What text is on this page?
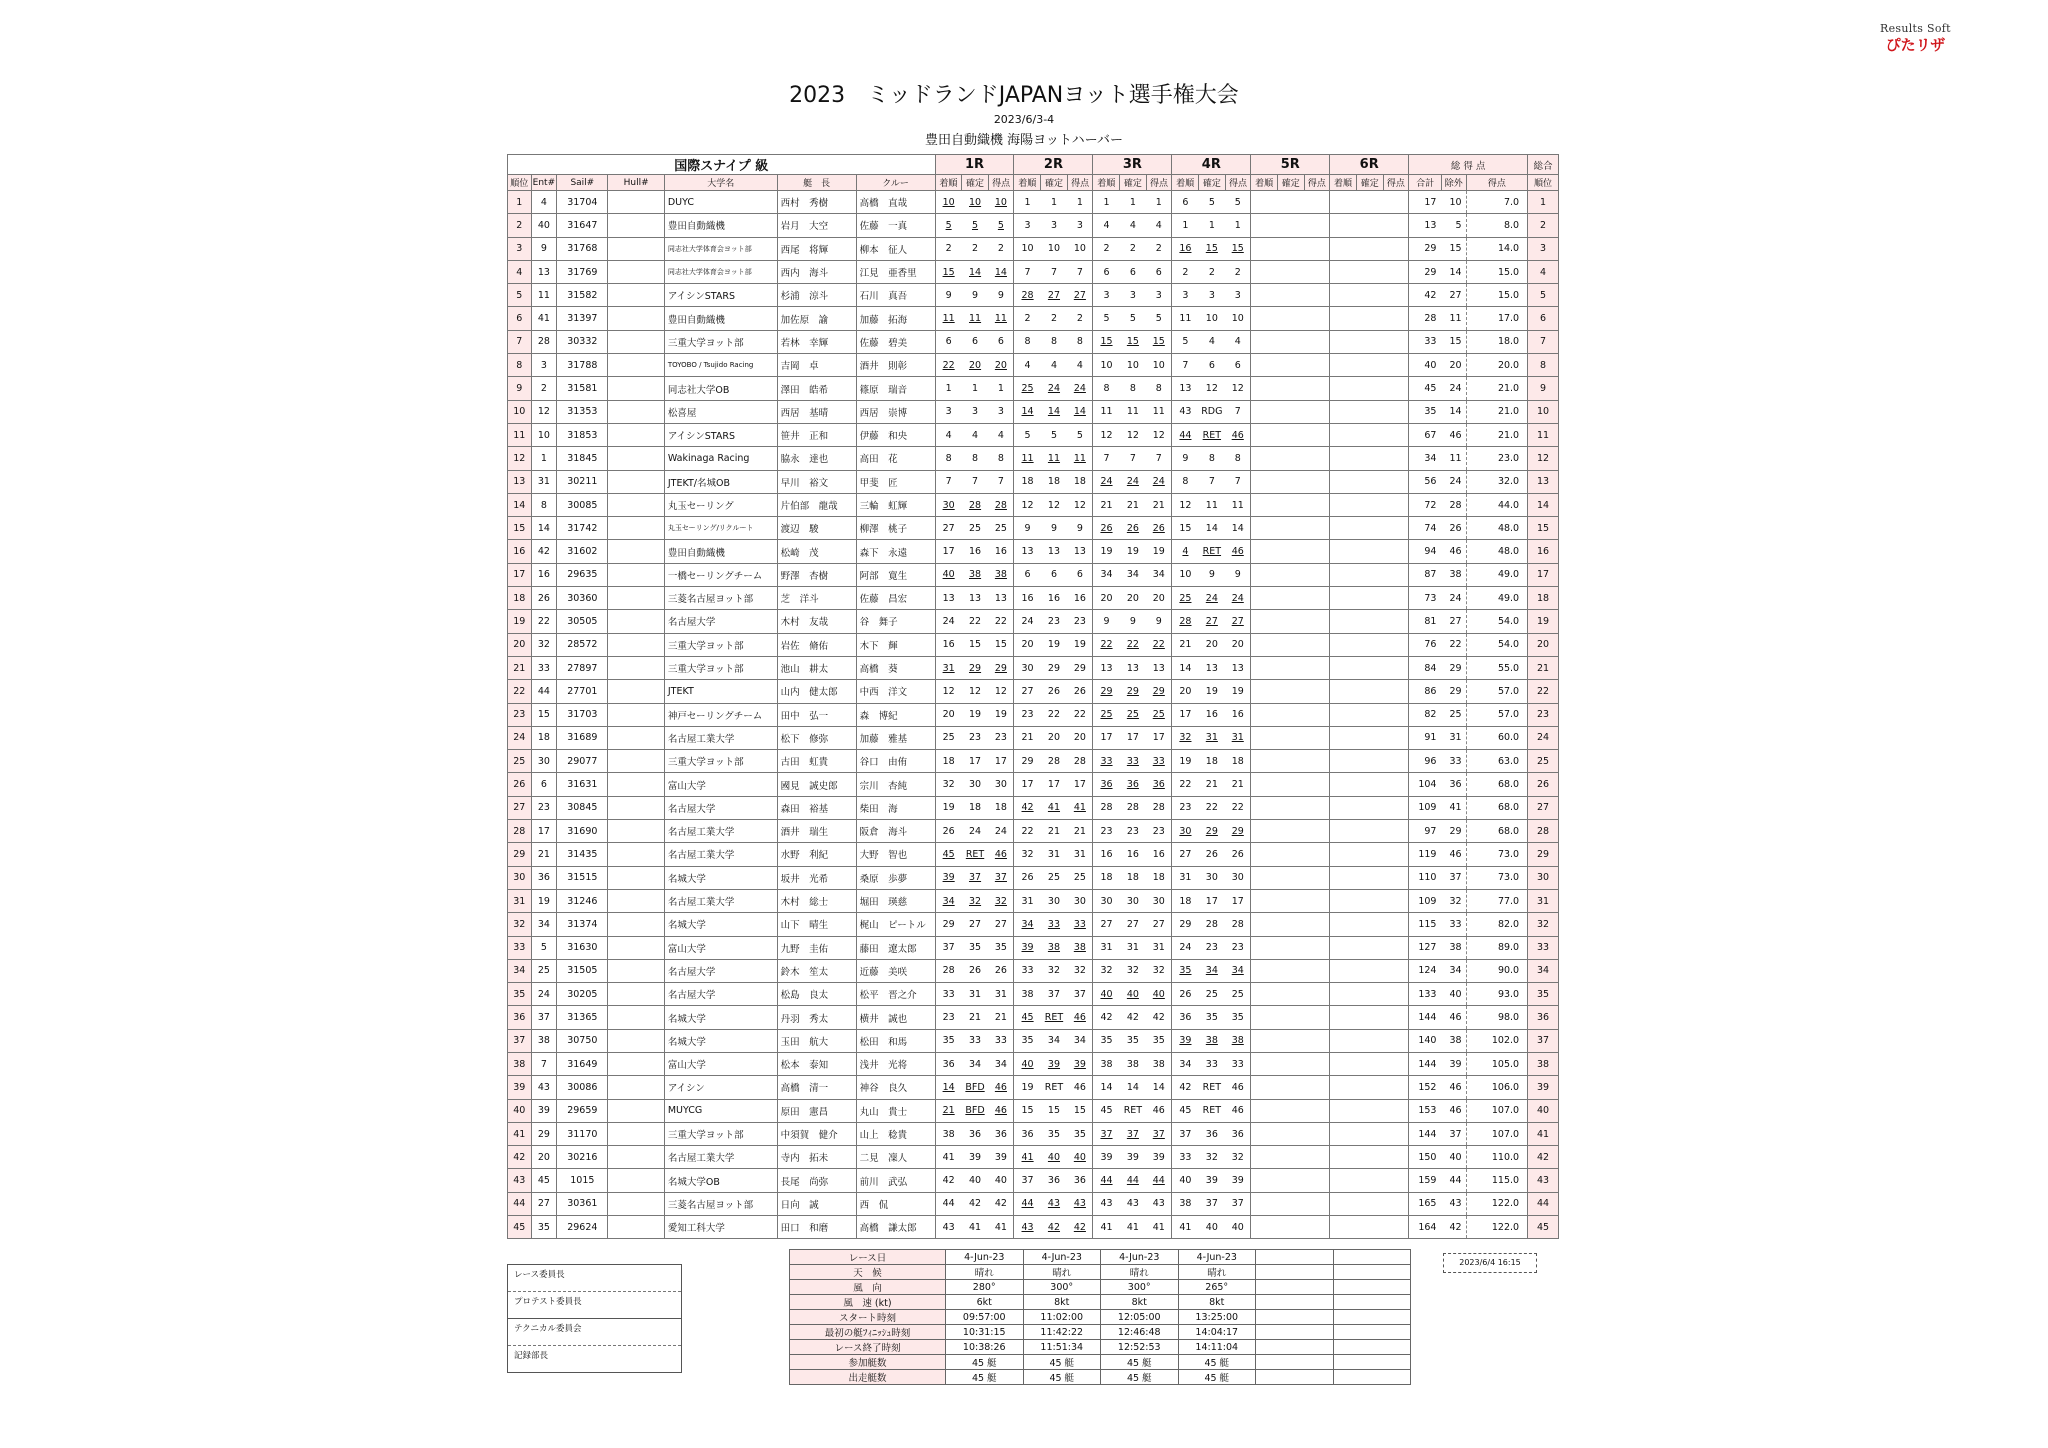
Results Soft
ぴたリザ
2023　ミッドランドJAPANヨット選手権大会
2023/6/3-4
豊田自動織機 海陽ヨットハーバー
国際スナイプ 級							1R			2R			3R			4R			5R			6R			総 得 点			総合
順位	Ent#	Sail#	Hull#	大学名	艇　長	クルー	着順	確定	得点	着順	確定	得点	着順	確定	得点	着順	確定	得点	着順	確定	得点	着順	確定	得点	合計	除外	得点	順位
1	4	31704		DUYC	西村　秀樹	高橋　直哉	10	10	10	1	1	1	1	1	1	6	5	5							17	10	7.0	1
2	40	31647		豊田自動織機	岩月　大空	佐藤　一真	5	5	5	3	3	3	4	4	4	1	1	1							13	5	8.0	2
3	9	31768		同志社大学体育会ヨット部	西尾　将輝	柳本　征人	2	2	2	10	10	10	2	2	2	16	15	15							29	15	14.0	3
4	13	31769		同志社大学体育会ヨット部	西内　海斗	江見　亜香里	15	14	14	7	7	7	6	6	6	2	2	2							29	14	15.0	4
5	11	31582		アイシンSTARS	杉浦　涼斗	石川　真吾	9	9	9	28	27	27	3	3	3	3	3	3							42	27	15.0	5
6	41	31397		豊田自動織機	加佐原　諭	加藤　拓海	11	11	11	2	2	2	5	5	5	11	10	10							28	11	17.0	6
7	28	30332		三重大学ヨット部	若林　幸輝	佐藤　碧美	6	6	6	8	8	8	15	15	15	5	4	4							33	15	18.0	7
8	3	31788		TOYOBO / Tsujido Racing	吉岡　卓	酒井　則彰	22	20	20	4	4	4	10	10	10	7	6	6							40	20	20.0	8
9	2	31581		同志社大学OB	澤田　皓希	篠原　瑞音	1	1	1	25	24	24	8	8	8	13	12	12							45	24	21.0	9
10	12	31353		松喜屋	西居　基晴	西居　崇博	3	3	3	14	14	14	11	11	11	43	RDG	7							35	14	21.0	10
11	10	31853		アイシンSTARS	笹井　正和	伊藤　和央	4	4	4	5	5	5	12	12	12	44	RET	46							67	46	21.0	11
12	1	31845		Wakinaga Racing	脇永　達也	高田　花	8	8	8	11	11	11	7	7	7	9	8	8							34	11	23.0	12
13	31	30211		JTEKT/名城OB	早川　裕文	甲斐　匠	7	7	7	18	18	18	24	24	24	8	7	7							56	24	32.0	13
14	8	30085		丸玉セーリング	片伯部　龍哉	三輪　虹輝	30	28	28	12	12	12	21	21	21	12	11	11							72	28	44.0	14
15	14	31742		丸玉セーリング/リクルート	渡辺　駿	柳澤　桃子	27	25	25	9	9	9	26	26	26	15	14	14							74	26	48.0	15
16	42	31602		豊田自動織機	松崎　茂	森下　永遠	17	16	16	13	13	13	19	19	19	4	RET	46							94	46	48.0	16
17	16	29635		一橋セーリングチーム	野澤　杏樹	阿部　寛生	40	38	38	6	6	6	34	34	34	10	9	9							87	38	49.0	17
18	26	30360		三菱名古屋ヨット部	芝　洋斗	佐藤　昌宏	13	13	13	16	16	16	20	20	20	25	24	24							73	24	49.0	18
19	22	30505		名古屋大学	木村　友哉	谷　舞子	24	22	22	24	23	23	9	9	9	28	27	27							81	27	54.0	19
20	32	28572		三重大学ヨット部	岩佐　脩佑	木下　輝	16	15	15	20	19	19	22	22	22	21	20	20							76	22	54.0	20
21	33	27897		三重大学ヨット部	池山　耕太	高橋　葵	31	29	29	30	29	29	13	13	13	14	13	13							84	29	55.0	21
22	44	27701		JTEKT	山内　健太郎	中西　洋文	12	12	12	27	26	26	29	29	29	20	19	19							86	29	57.0	22
23	15	31703		神戸セーリングチーム	田中　弘一	森　博紀	20	19	19	23	22	22	25	25	25	17	16	16							82	25	57.0	23
24	18	31689		名古屋工業大学	松下　修弥	加藤　雅基	25	23	23	21	20	20	17	17	17	32	31	31							91	31	60.0	24
25	30	29077		三重大学ヨット部	古田　虹貴	谷口　由侑	18	17	17	29	28	28	33	33	33	19	18	18							96	33	63.0	25
26	6	31631		富山大学	國見　誠史郎	宗川　杏純	32	30	30	17	17	17	36	36	36	22	21	21							104	36	68.0	26
27	23	30845		名古屋大学	森田　裕基	柴田　海	19	18	18	42	41	41	28	28	28	23	22	22							109	41	68.0	27
28	17	31690		名古屋工業大学	酒井　瑞生	阪倉　海斗	26	24	24	22	21	21	23	23	23	30	29	29							97	29	68.0	28
29	21	31435		名古屋工業大学	水野　利紀	大野　智也	45	RET	46	32	31	31	16	16	16	27	26	26							119	46	73.0	29
30	36	31515		名城大学	坂井　光希	桑原　歩夢	39	37	37	26	25	25	18	18	18	31	30	30							110	37	73.0	30
31	19	31246		名古屋工業大学	木村　総士	堀田　瑛慈	34	32	32	31	30	30	30	30	30	18	17	17							109	32	77.0	31
32	34	31374		名城大学	山下　晴生	梶山　ピートル	29	27	27	34	33	33	27	27	27	29	28	28							115	33	82.0	32
33	5	31630		富山大学	九野　圭佑	藤田　遼太郎	37	35	35	39	38	38	31	31	31	24	23	23							127	38	89.0	33
34	25	31505		名古屋大学	鈴木　笙太	近藤　美咲	28	26	26	33	32	32	32	32	32	35	34	34							124	34	90.0	34
35	24	30205		名古屋大学	松島　良太	松平　晋之介	33	31	31	38	37	37	40	40	40	26	25	25							133	40	93.0	35
36	37	31365		名城大学	丹羽　秀太	横井　誠也	23	21	21	45	RET	46	42	42	42	36	35	35							144	46	98.0	36
37	38	30750		名城大学	玉田　航大	松田　和馬	35	33	33	35	34	34	35	35	35	39	38	38							140	38	102.0	37
38	7	31649		富山大学	松本　泰知	浅井　光将	36	34	34	40	39	39	38	38	38	34	33	33							144	39	105.0	38
39	43	30086		アイシン	高橋　清一	神谷　良久	14	BFD	46	19	RET	46	14	14	14	42	RET	46							152	46	106.0	39
40	39	29659		MUYCG	原田　憲昌	丸山　貴士	21	BFD	46	15	15	15	45	RET	46	45	RET	46							153	46	107.0	40
41	29	31170		三重大学ヨット部	中須賀　健介	山上　稔貴	38	36	36	36	35	35	37	37	37	37	36	36							144	37	107.0	41
42	20	30216		名古屋工業大学	寺内　拓未	二見　凜人	41	39	39	41	40	40	39	39	39	33	32	32							150	40	110.0	42
43	45	1015		名城大学OB	長尾　尚弥	前川　武弘	42	40	40	37	36	36	44	44	44	40	39	39							159	44	115.0	43
44	27	30361		三菱名古屋ヨット部	日向　誠	西　侃	44	42	42	44	43	43	43	43	43	38	37	37							165	43	122.0	44
45	35	29624		愛知工科大学	田口　和磨	高橋　謙太郎	43	41	41	43	42	42	41	41	41	41	40	40							164	42	122.0	45
レース委員長
プロテスト委員長
テクニカル委員会
記録部長
レース日	4-Jun-23	4-Jun-23	4-Jun-23	4-Jun-23		
天　候	晴れ	晴れ	晴れ	晴れ		
風　向	280°	300°	300°	265°		
風　速 (kt)	6kt	8kt	8kt	8kt		
スタート時刻	09:57:00	11:02:00	12:05:00	13:25:00		
最初の艇ﾌｨﾆｯｼｭ時刻	10:31:15	11:42:22	12:46:48	14:04:17		
レース終了時刻	10:38:26	11:51:34	12:52:53	14:11:04		
参加艇数	45 艇	45 艇	45 艇	45 艇		
出走艇数	45 艇	45 艇	45 艇	45 艇		
2023/6/4 16:15
